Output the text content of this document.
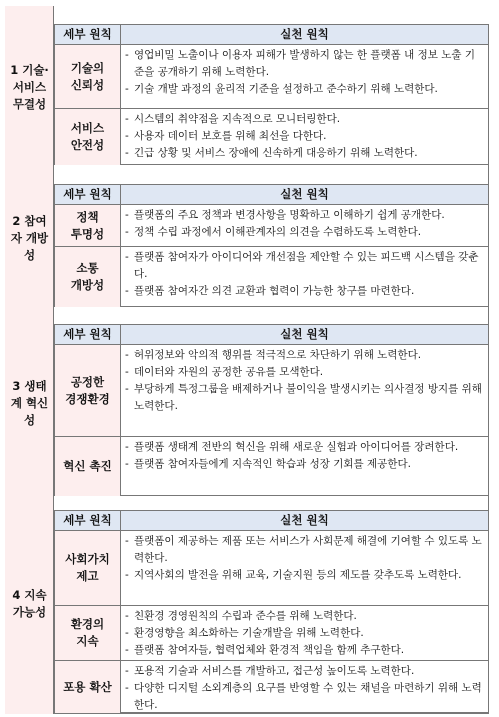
1 기술·
서비스
무결성
세부 원칙	실천 원칙
기술의
신뢰성
- 영업비밀 노출이나 이용자 피해가 발생하지 않는 한 플랫폼 내 정보 노출 기준을 공개하기 위해 노력한다.
- 기술 개발 과정의 윤리적 기준을 설정하고 준수하기 위해 노력한다.
서비스
안전성
- 시스템의 취약점을 지속적으로 모니터링한다.
- 사용자 데이터 보호를 위해 최선을 다한다.
- 긴급 상황 및 서비스 장애에 신속하게 대응하기 위해 노력한다.
2 참여
자 개방
성
세부 원칙	실천 원칙
정책
투명성
- 플랫폼의 주요 정책과 변경사항을 명확하고 이해하기 쉽게 공개한다.
- 정책 수립 과정에서 이해관계자의 의견을 수렴하도록 노력한다.
소통
개방성
- 플랫폼 참여자가 아이디어와 개선점을 제안할 수 있는 피드백 시스템을 갖춘다.
- 플랫폼 참여자간 의견 교환과 협력이 가능한 창구를 마련한다.
3 생태
계 혁신
성
세부 원칙	실천 원칙
공정한
경쟁환경
- 허위정보와 악의적 행위를 적극적으로 차단하기 위해 노력한다.
- 데이터와 자원의 공정한 공유를 모색한다.
- 부당하게 특정그룹을 배제하거나 불이익을 발생시키는 의사결정 방지를 위해 노력한다.
혁신 촉진
- 플랫폼 생태계 전반의 혁신을 위해 새로운 실험과 아이디어를 장려한다.
- 플랫폼 참여자들에게 지속적인 학습과 성장 기회를 제공한다.
4 지속
가능성
세부 원칙	실천 원칙
사회가치
제고
- 플랫폼이 제공하는 제품 또는 서비스가 사회문제 해결에 기여할 수 있도록 노력한다.
- 지역사회의 발전을 위해 교육, 기술지원 등의 제도를 갖추도록 노력한다.
환경의
지속
- 친환경 경영원칙의 수립과 준수를 위해 노력한다.
- 환경영향을 최소화하는 기술개발을 위해 노력한다.
- 플랫폼 참여자들, 협력업체와 환경적 책임을 함께 추구한다.
포용 확산
- 포용적 기술과 서비스를 개발하고, 접근성 높이도록 노력한다.
- 다양한 디지털 소외계층의 요구를 반영할 수 있는 채널을 마련하기 위해 노력한다.
